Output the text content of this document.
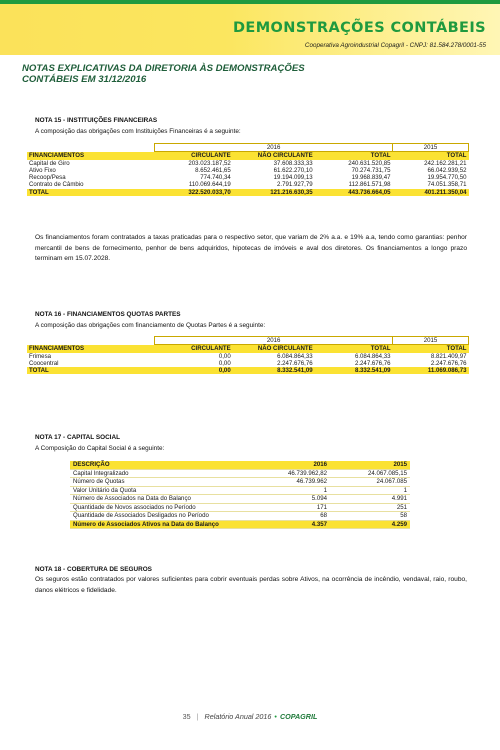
DEMONSTRAÇÕES CONTÁBEIS
Cooperativa Agroindustrial Copagril - CNPJ: 81.584.278/0001-55
NOTAS EXPLICATIVAS DA DIRETORIA ÀS DEMONSTRAÇÕES CONTÁBEIS EM 31/12/2016
NOTA 15 - INSTITUIÇÕES FINANCEIRAS
A composição das obrigações com Instituições Financeiras é a seguinte:
	2016			2015
FINANCIAMENTOS	CIRCULANTE	NÃO CIRCULANTE	TOTAL	TOTAL
Capital de Giro	203.023.187,52	37.608.333,33	240.631.520,85	242.162.281,21
Ativo Fixo	8.652.461,65	61.622.270,10	70.274.731,75	66.042.939,52
Recoop/Pesa	774.740,34	19.194.099,13	19.968.839,47	19.954.770,50
Contrato de Câmbio	110.069.644,19	2.791.927,79	112.861.571,98	74.051.358,71
TOTAL	322.520.033,70	121.216.630,35	443.736.664,05	401.211.350,04
Os financiamentos foram contratados a taxas praticadas para o respectivo setor, que variam de 2% a.a. e 19% a.a, tendo como garantias: penhor mercantil de bens de fornecimento, penhor de bens adquiridos, hipotecas de imóveis e aval dos diretores. Os financiamentos a longo prazo terminam em 15.07.2028.
NOTA 16 - FINANCIAMENTOS QUOTAS PARTES
A composição das obrigações com financiamento de Quotas Partes é a seguinte:
	2016			2015
FINANCIAMENTOS	CIRCULANTE	NÃO CIRCULANTE	TOTAL	TOTAL
Frimesa	0,00	6.084.864,33	6.084.864,33	8.821.409,97
Coocentral	0,00	2.247.676,76	2.247.676,76	2.247.676,76
TOTAL	0,00	8.332.541,09	8.332.541,09	11.069.086,73
NOTA 17 - CAPITAL SOCIAL
A Composição do Capital Social é a seguinte:
DESCRIÇÃO	2016	2015
Capital Integralizado	46.739.962,82	24.067.085,15
Número de Quotas	46.739.962	24.067.085
Valor Unitário da Quota	1	1
Número de Associados na Data do Balanço	5.094	4.991
Quantidade de Novos associados no Período	171	251
Quantidade de Associados Desligados no Período	68	58
Número de Associados Ativos na Data do Balanço	4.357	4.259
NOTA 18 - COBERTURA DE SEGUROS
Os seguros estão contratados por valores suficientes para cobrir eventuais perdas sobre Ativos, na ocorrência de incêndio, vendaval, raio, roubo, danos elétricos e fidelidade.
35 | Relatório Anual 2016 • COPAGRIL
